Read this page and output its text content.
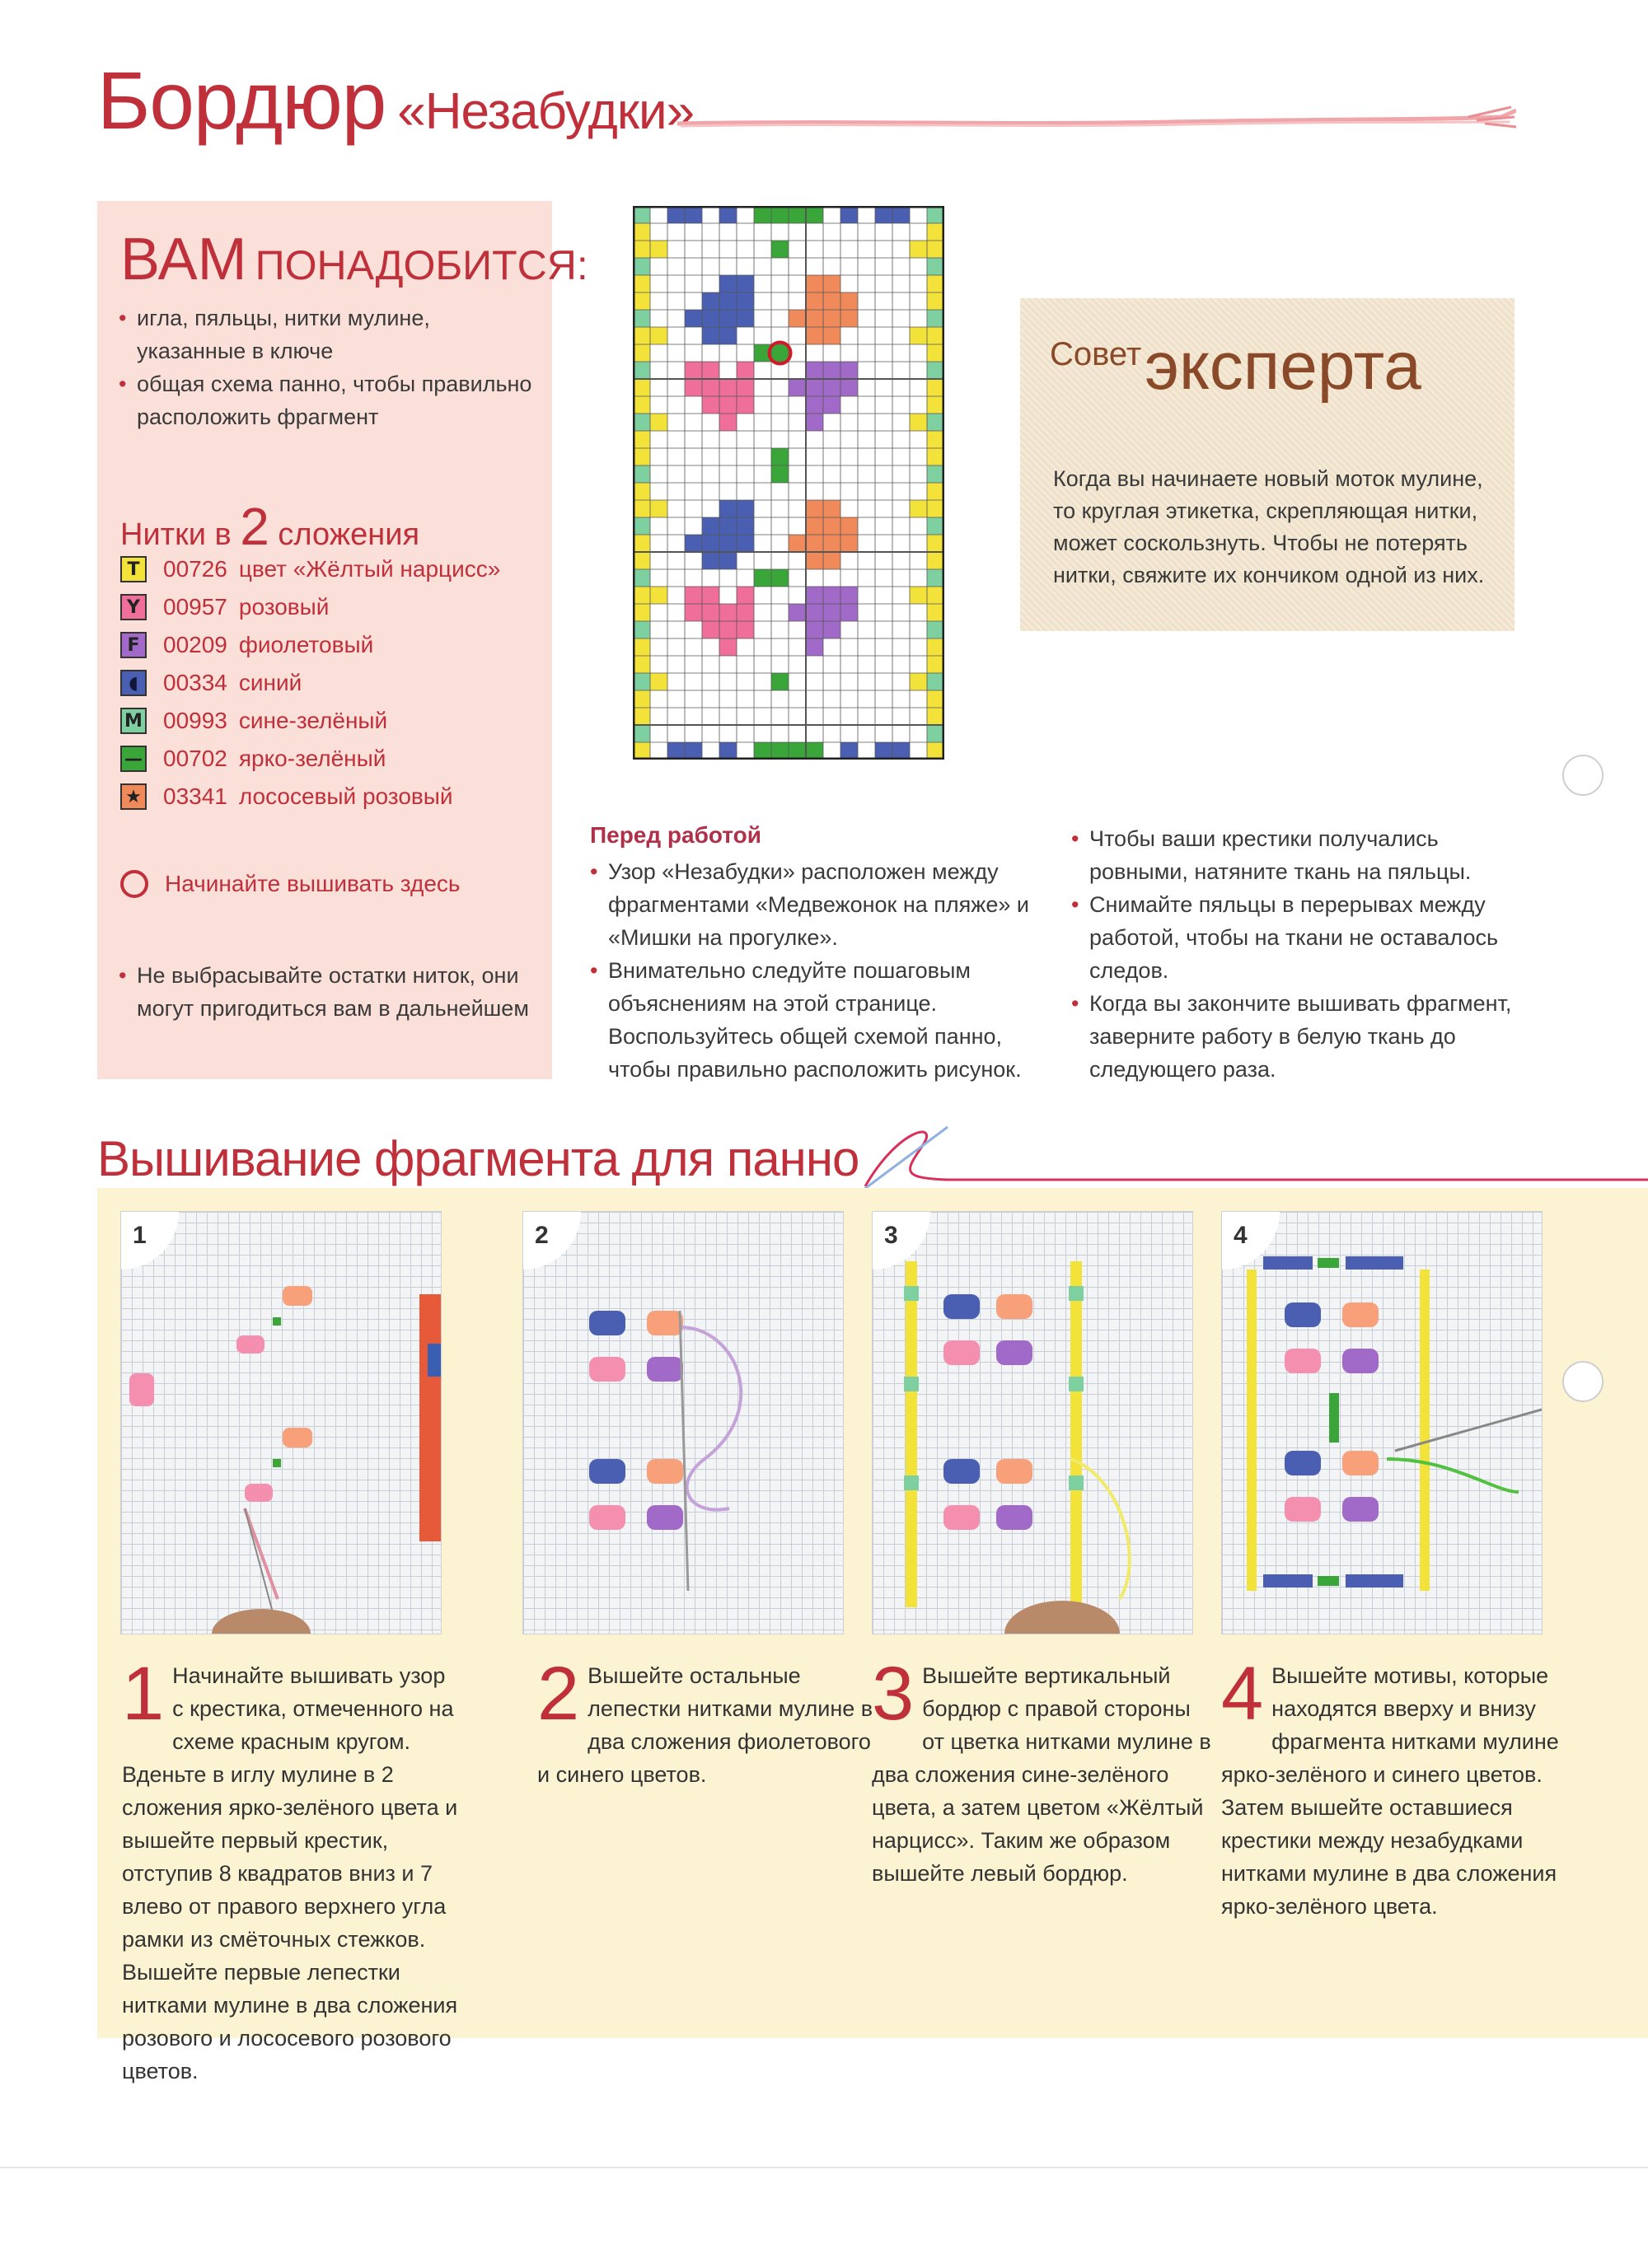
Бордюр «Незабудки»
ВАМ ПОНАДОБИТСЯ:
• игла, пяльцы, нитки мулине, указанные в ключе
• общая схема панно, чтобы правильно расположить фрагмент
Нитки в 2 сложения
T	00726 цвет «Жёлтый нарцисс»
Y 00957 розовый
F	00209 фиолетовый
◖	00334 синий
M 00993 сине-зелёный
— 00702 ярко-зелёный
★ 03341 лососевый розовый
Начинайте вышивать здесь
• Не выбрасывайте остатки ниток, они могут пригодиться вам в дальнейшем
Советэксперта
Когда вы начинаете новый моток мулине, то круглая этикетка, скрепляющая нитки, может соскользнуть. Чтобы не потерять нитки, свяжите их кончиком одной из них.
Перед работой
• Узор «Незабудки» расположен между фрагментами «Медвежонок на пляже» и «Мишки на прогулке».
• Внимательно следуйте пошаговым объяснениям на этой странице. Воспользуйтесь общей схемой панно, чтобы правильно расположить рисунок.
• Чтобы ваши крестики получались ровными, натяните ткань на пяльцы.
• Снимайте пяльцы в перерывах между работой, чтобы на ткани не оставалось следов.
• Когда вы закончите вышивать фрагмент, заверните работу в белую ткань до следующего раза.
Вышивание фрагмента для панно
1	2	3	4
1 Начинайте вышивать узор с крестика, отмеченного на схеме красным кругом. Вденьте в иглу мулине в 2 сложения ярко-зелёного цвета и вышейте первый крестик, отступив 8 квадратов вниз и 7 влево от правого верхнего угла рамки из смёточных стежков. Вышейте первые лепестки нитками мулине в два сложения розового и лососевого розового цветов.
2 Вышейте остальные лепестки нитками мулине в два сложения фиолетового и синего цветов.
3 Вышейте вертикальный бордюр с правой стороны от цветка нитками мулине в два сложения сине-зелёного цвета, а затем цветом «Жёлтый нарцисс». Таким же образом вышейте левый бордюр.
4 Вышейте мотивы, которые находятся вверху и внизу фрагмента нитками мулине ярко-зелёного и синего цветов. Затем вышейте оставшиеся крестики между незабудками нитками мулине в два сложения ярко-зелёного цвета.
